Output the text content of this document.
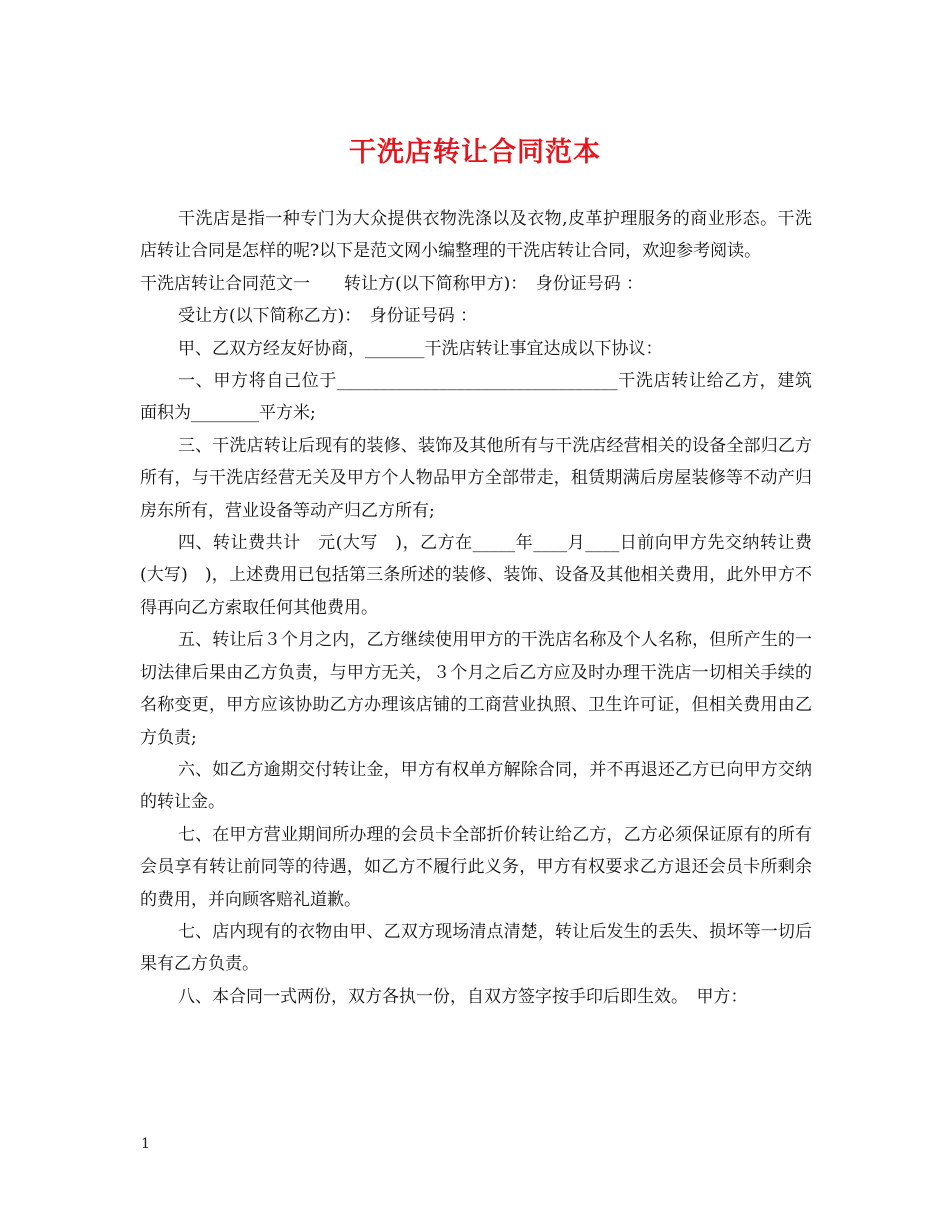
干洗店转让合同范本

干洗店是指一种专门为大众提供衣物洗涤以及衣物,皮革护理服务的商业形态。干洗店转让合同是怎样的呢?以下是范文网小编整理的干洗店转让合同，欢迎参考阅读。

干洗店转让合同范文一　　转让方(以下简称甲方)：　身份证号码 ：

受让方(以下简称乙方)：　身份证号码 ：

甲、乙双方经友好协商，_______干洗店转让事宜达成以下协议：

一、甲方将自己位于_________________________________干洗店转让给乙方，建筑面积为________平方米;

三、干洗店转让后现有的装修、装饰及其他所有与干洗店经营相关的设备全部归乙方所有，与干洗店经营无关及甲方个人物品甲方全部带走，租赁期满后房屋装修等不动产归房东所有，营业设备等动产归乙方所有;

四、转让费共计　元(大写　)，乙方在_____年____月____日前向甲方先交纳转让费　(大写)　)，上述费用已包括第三条所述的装修、装饰、设备及其他相关费用，此外甲方不得再向乙方索取任何其他费用。

五、转让后３个月之内，乙方继续使用甲方的干洗店名称及个人名称，但所产生的一切法律后果由乙方负责，与甲方无关，３个月之后乙方应及时办理干洗店一切相关手续的名称变更，甲方应该协助乙方办理该店铺的工商营业执照、卫生许可证，但相关费用由乙方负责;

六、如乙方逾期交付转让金，甲方有权单方解除合同，并不再退还乙方已向甲方交纳的转让金。

七、在甲方营业期间所办理的会员卡全部折价转让给乙方，乙方必须保证原有的所有会员享有转让前同等的待遇，如乙方不履行此义务，甲方有权要求乙方退还会员卡所剩余的费用，并向顾客赔礼道歉。

七、店内现有的衣物由甲、乙双方现场清点清楚，转让后发生的丢失、损坏等一切后果有乙方负责。

八、本合同一式两份，双方各执一份，自双方签字按手印后即生效。　甲方：

1
